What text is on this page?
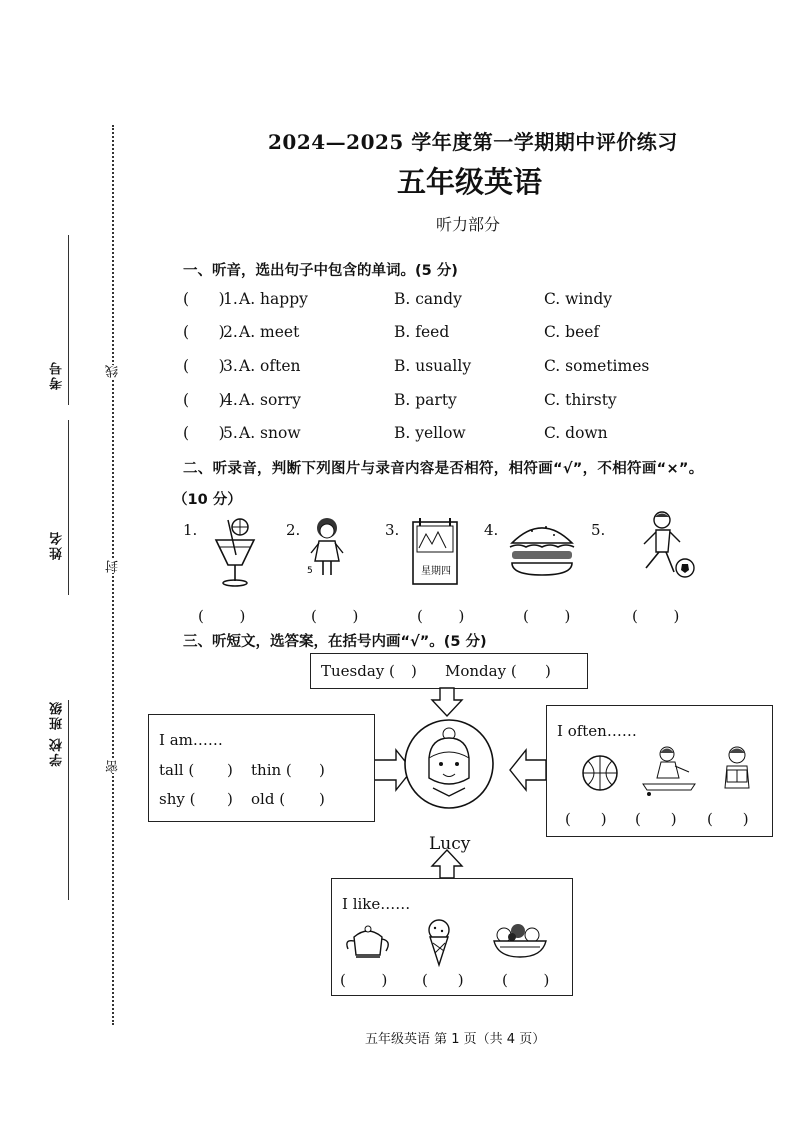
考号
姓名
学校 班级
线
封
密
2024—2025 学年度第一学期期中评价练习
五年级英语
听力部分
一、听音，选出句子中包含的单词。(5 分)
(      )
1. A. happy	B. candy	C. windy
(      )
2. A. meet	B. feed	C. beef
(      )
3. A. often	B. usually	C. sometimes
(      )
4. A. sorry	B. party	C. thirsty
(      )
5. A. snow	B. yellow	C. down
二、听录音，判断下列图片与录音内容是否相符，相符画“√”，不相符画“×”。
（10 分）
1.	2.	3.	4.	5.
5	星期四
(      )	(      )	(      )	(      )	(      )
三、听短文，选答案，在括号内画“√”。(5 分)
Tuesday ( ) Monday ( )
I am……
tall ( ) thin ( )
shy ( ) old ( )
I often……
(     ) (     ) (     )
Lucy
I like……
(      ) (     ) (      )
五年级英语 第 1 页（共 4 页）
